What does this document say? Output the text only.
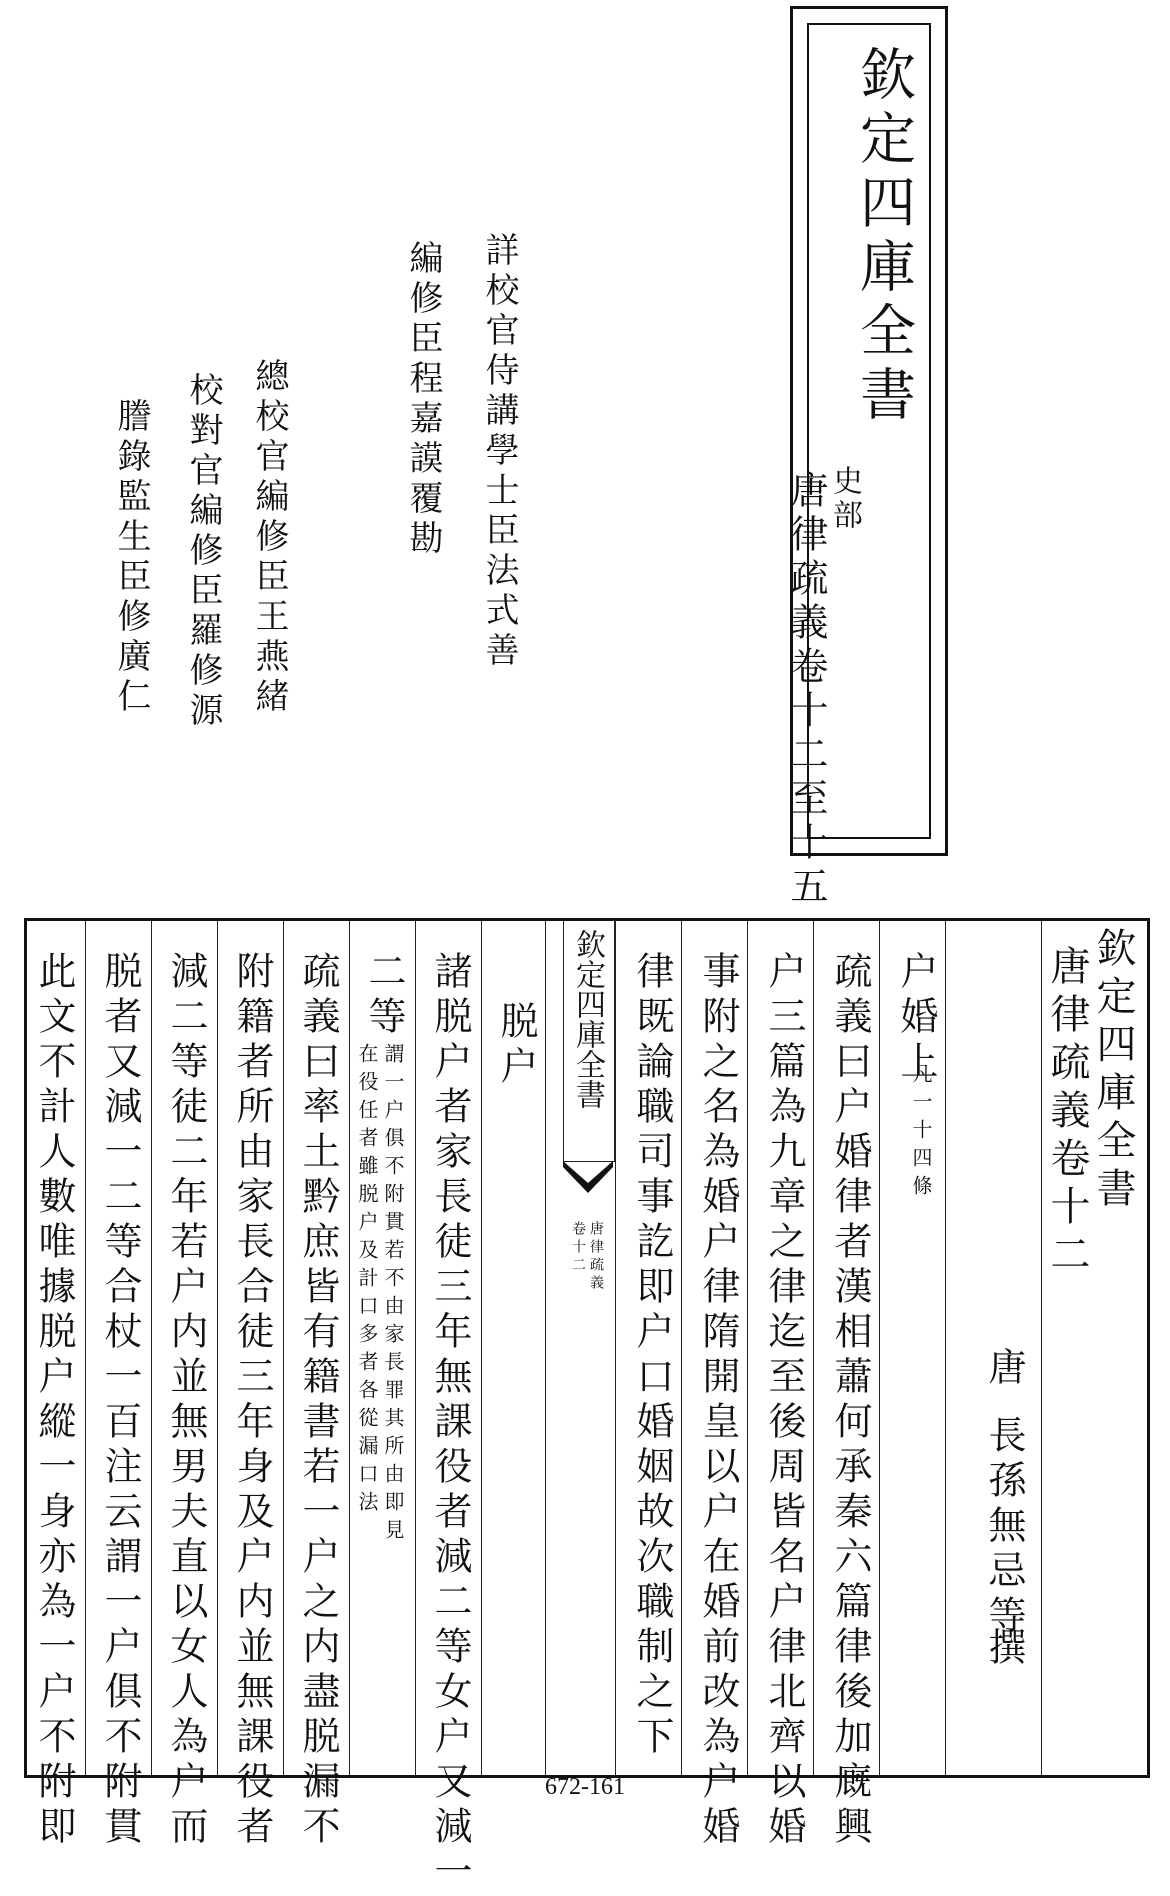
欽定四庫全書
史部
唐律疏義卷十二至十五
詳校官侍講學士臣法式善
編修臣程嘉謨覆勘
總校官編修臣王燕緒
校對官編修臣羅修源
謄錄監生臣修廣仁
欽定四庫全書
唐律疏義卷十二
唐
長孫無忌等
撰
户婚上
凡一十四條
疏義曰户婚律者漢相蕭何承秦六篇律後加廐興
户三篇為九章之律迄至後周皆名户律北齊以婚
事附之名為婚户律隋開皇以户在婚前改為户婚
律既論職司事訖即户口婚姻故次職制之下
欽定四庫全書
唐律疏義
卷十二
脱户
諸脱户者家長徒三年無課役者減二等女户又減一
二等
謂一户俱不附貫若不由家長罪其所由即見
在役任者雖脱户及計口多者各從漏口法
疏義曰率土黔庶皆有籍書若一户之内盡脱漏不
附籍者所由家長合徒三年身及户内並無課役者
減二等徒二年若户内並無男夫直以女人為户而
脱者又減一二等合杖一百注云謂一户俱不附貫
此文不計人數唯據脱户縱一身亦為一户不附即	672-161
